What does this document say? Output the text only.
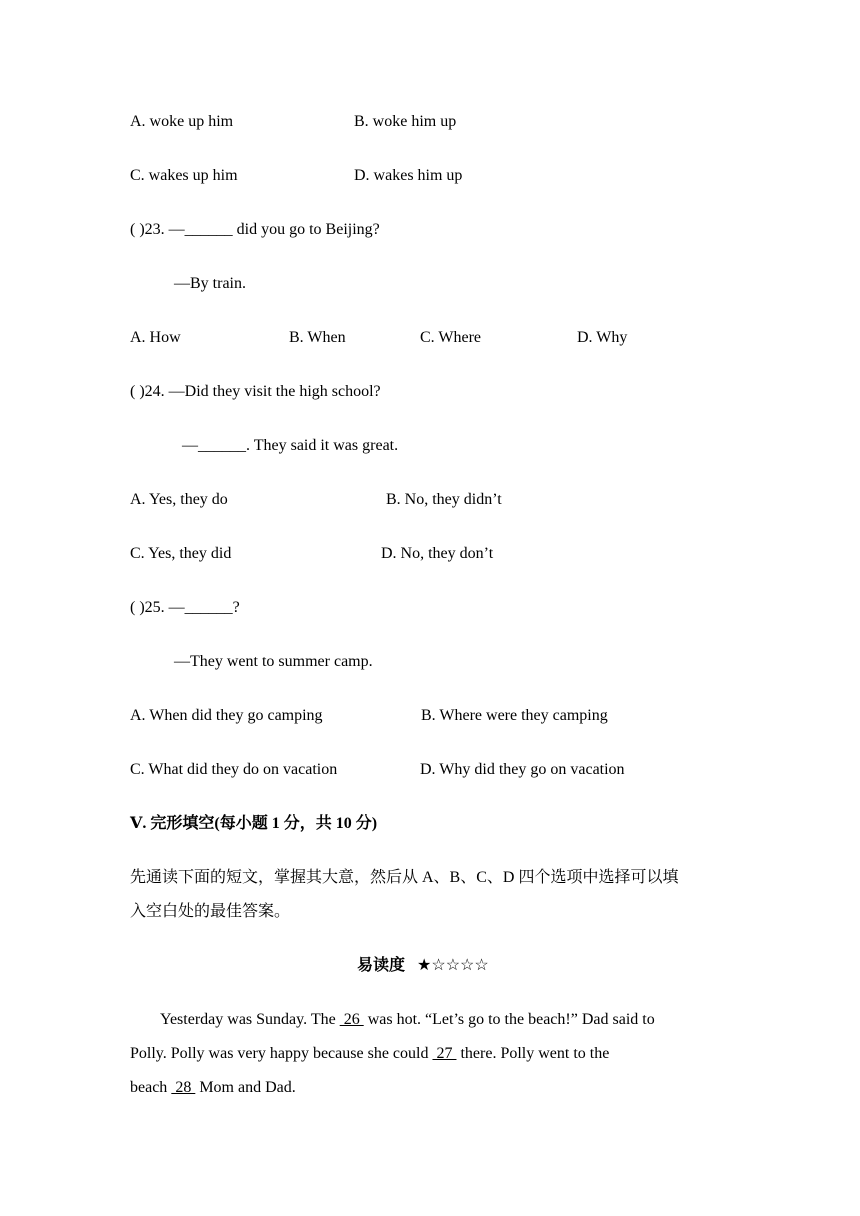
A. woke up him	B. woke him up
C. wakes up him	D. wakes him up
( )23. —______ did you go to Beijing?
—By train.
A. How	B. When	C. Where	D. Why
( )24. —Did they visit the high school?
—______. They said it was great.
A. Yes, they do	B. No, they didn’t
C. Yes, they did	D. No, they don’t
( )25. —______?
—They went to summer camp.
A. When did they go camping	B. Where were they camping
C. What did they do on vacation	D. Why did they go on vacation
Ⅴ. 完形填空(每小题 1 分，共 10 分)
先通读下面的短文，掌握其大意，然后从 A、B、C、D 四个选项中选择可以填
入空白处的最佳答案。
易读度 ★☆☆☆☆
Yesterday was Sunday. The  26  was hot. “Let’s go to the beach!” Dad said to
Polly. Polly was very happy because she could  27  there. Polly went to the
beach  28  Mom and Dad.
